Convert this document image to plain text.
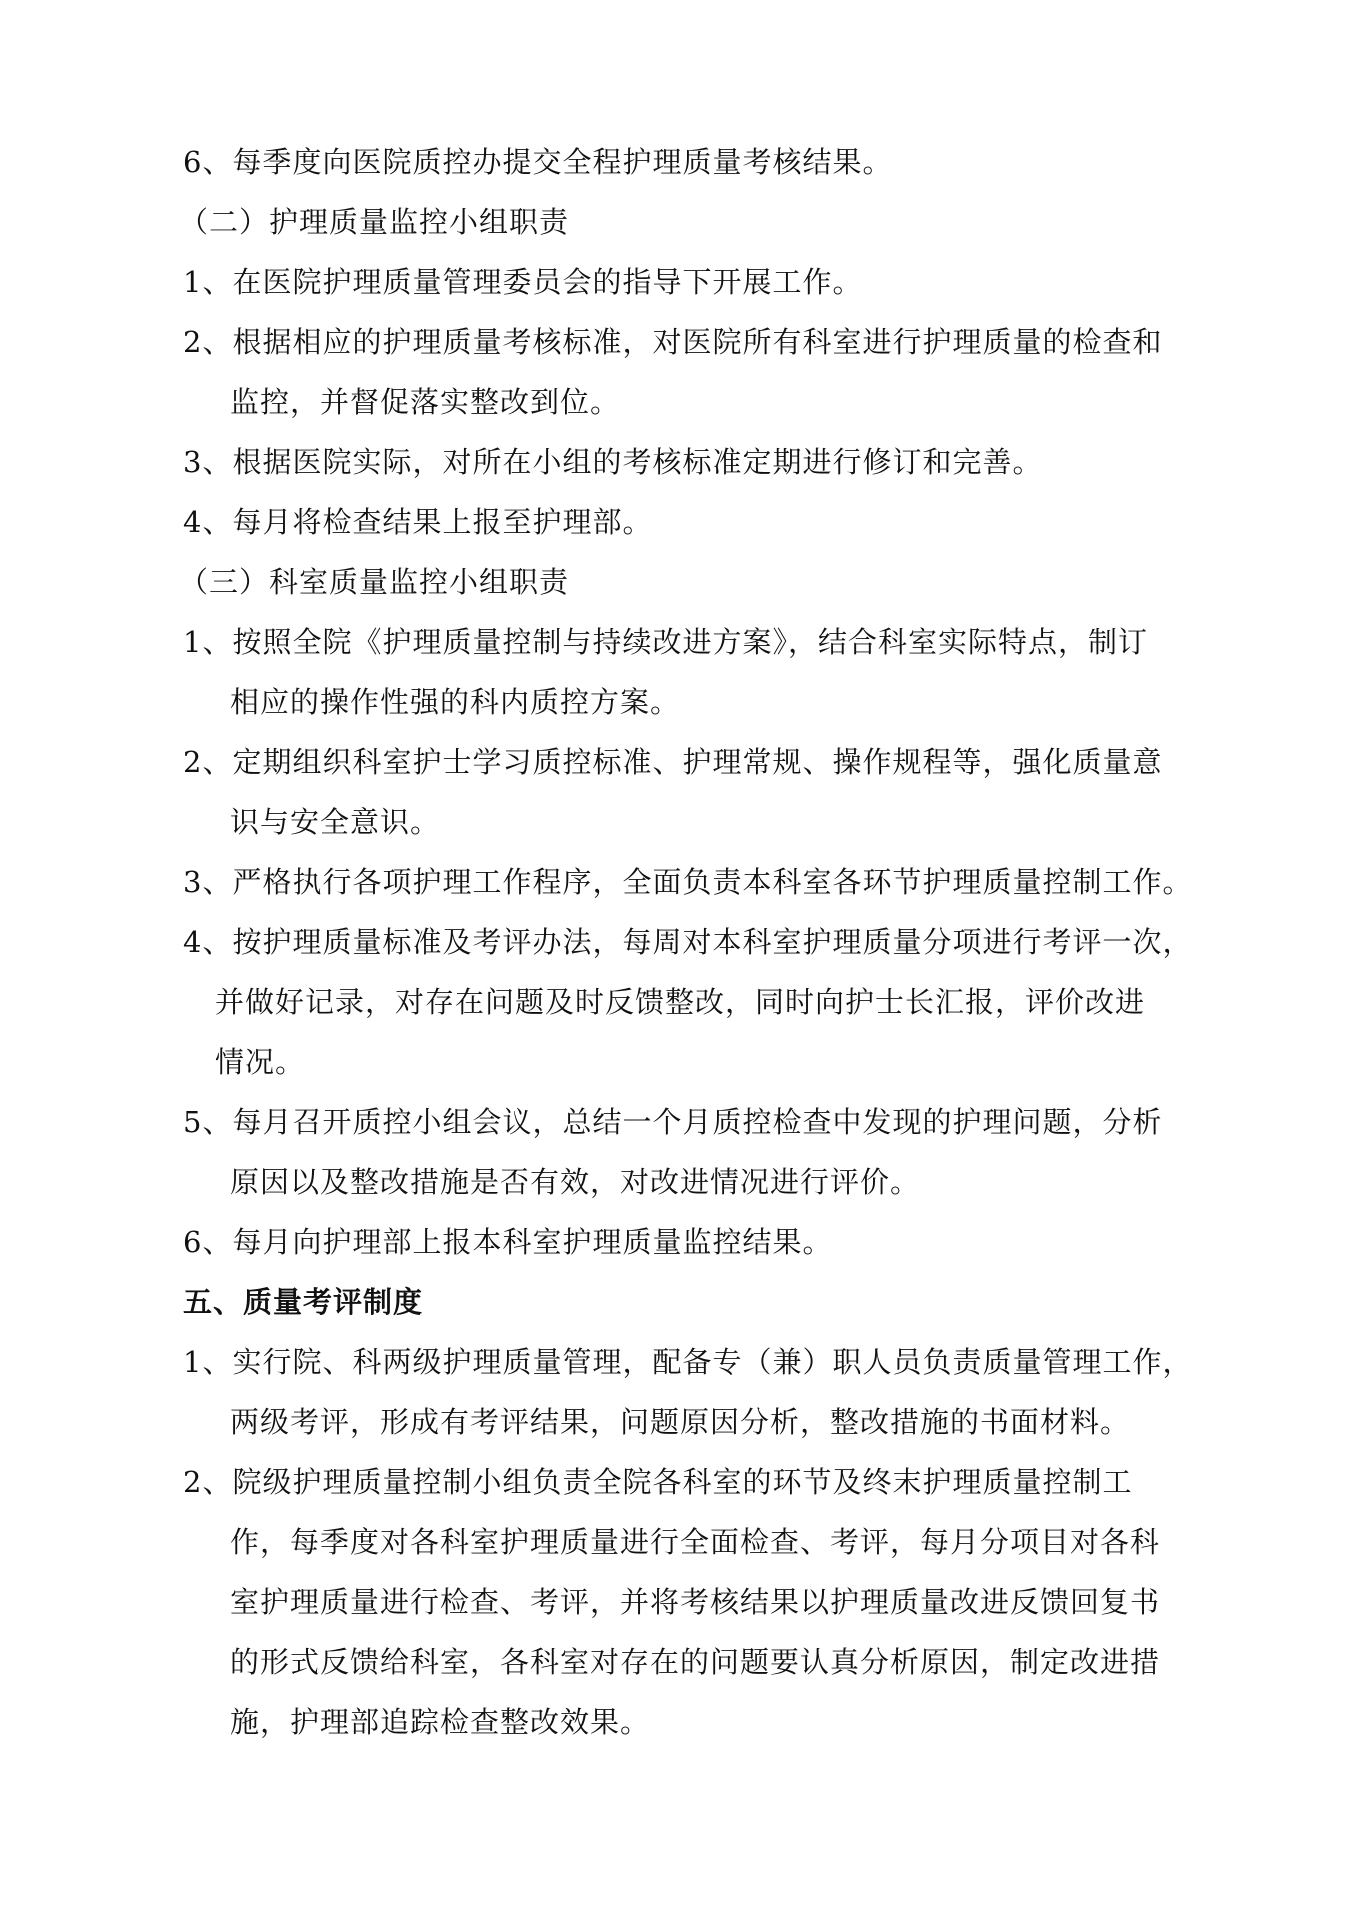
6、每季度向医院质控办提交全程护理质量考核结果。
（二）护理质量监控小组职责
1、在医院护理质量管理委员会的指导下开展工作。
2、根据相应的护理质量考核标准，对医院所有科室进行护理质量的检查和
监控，并督促落实整改到位。
3、根据医院实际，对所在小组的考核标准定期进行修订和完善。
4、每月将检查结果上报至护理部。
（三）科室质量监控小组职责
1、按照全院《护理质量控制与持续改进方案》，结合科室实际特点，制订
相应的操作性强的科内质控方案。
2、定期组织科室护士学习质控标准、护理常规、操作规程等，强化质量意
识与安全意识。
3、严格执行各项护理工作程序，全面负责本科室各环节护理质量控制工作。
4、按护理质量标准及考评办法，每周对本科室护理质量分项进行考评一次，
并做好记录，对存在问题及时反馈整改，同时向护士长汇报，评价改进
情况。
5、每月召开质控小组会议，总结一个月质控检查中发现的护理问题，分析
原因以及整改措施是否有效，对改进情况进行评价。
6、每月向护理部上报本科室护理质量监控结果。
五、质量考评制度
1、实行院、科两级护理质量管理，配备专（兼）职人员负责质量管理工作，
两级考评，形成有考评结果，问题原因分析，整改措施的书面材料。
2、院级护理质量控制小组负责全院各科室的环节及终末护理质量控制工
作，每季度对各科室护理质量进行全面检查、考评，每月分项目对各科
室护理质量进行检查、考评，并将考核结果以护理质量改进反馈回复书
的形式反馈给科室，各科室对存在的问题要认真分析原因，制定改进措
施，护理部追踪检查整改效果。
